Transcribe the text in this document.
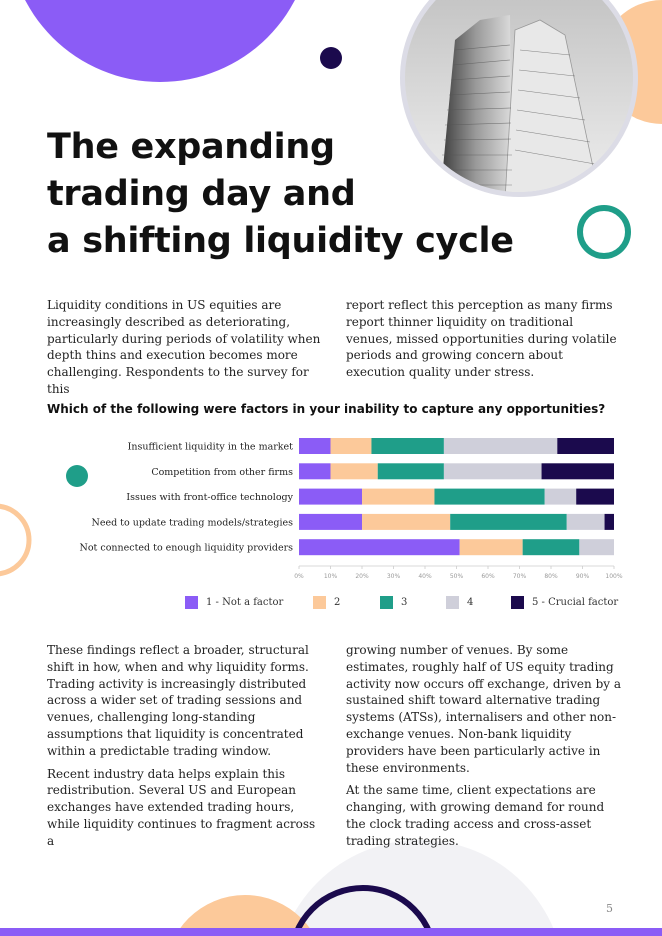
The expanding
trading day and
a shifting liquidity cycle

Liquidity conditions in US equities are increasingly described as deteriorating, particularly during periods of volatility when depth thins and execution becomes more challenging. Respondents to the survey for this

report reflect this perception as many firms report thinner liquidity on traditional venues, missed opportunities during volatile periods and growing concern about execution quality under stress.

Which of the following were factors in your inability to capture any opportunities?

Insufficient liquidity in the market
Competition from other firms
Issues with front-office technology
Need to update trading models/strategies
Not connected to enough liquidity providers
0%	10%	20%	30%	40%	50%	60%	70%	80%	90%	100%
1 - Not a factor	2	3	4	5 - Crucial factor

These findings reflect a broader, structural shift in how, when and why liquidity forms. Trading activity is increasingly distributed across a wider set of trading sessions and venues, challenging long-standing assumptions that liquidity is concentrated within a predictable trading window.

Recent industry data helps explain this redistribution. Several US and European exchanges have extended trading hours, while liquidity continues to fragment across a

growing number of venues. By some estimates, roughly half of US equity trading activity now occurs off exchange, driven by a sustained shift toward alternative trading systems (ATSs), internalisers and other non-exchange venues. Non-bank liquidity providers have been particularly active in these environments.

At the same time, client expectations are changing, with growing demand for round the clock trading access and cross-asset trading strategies.

5
